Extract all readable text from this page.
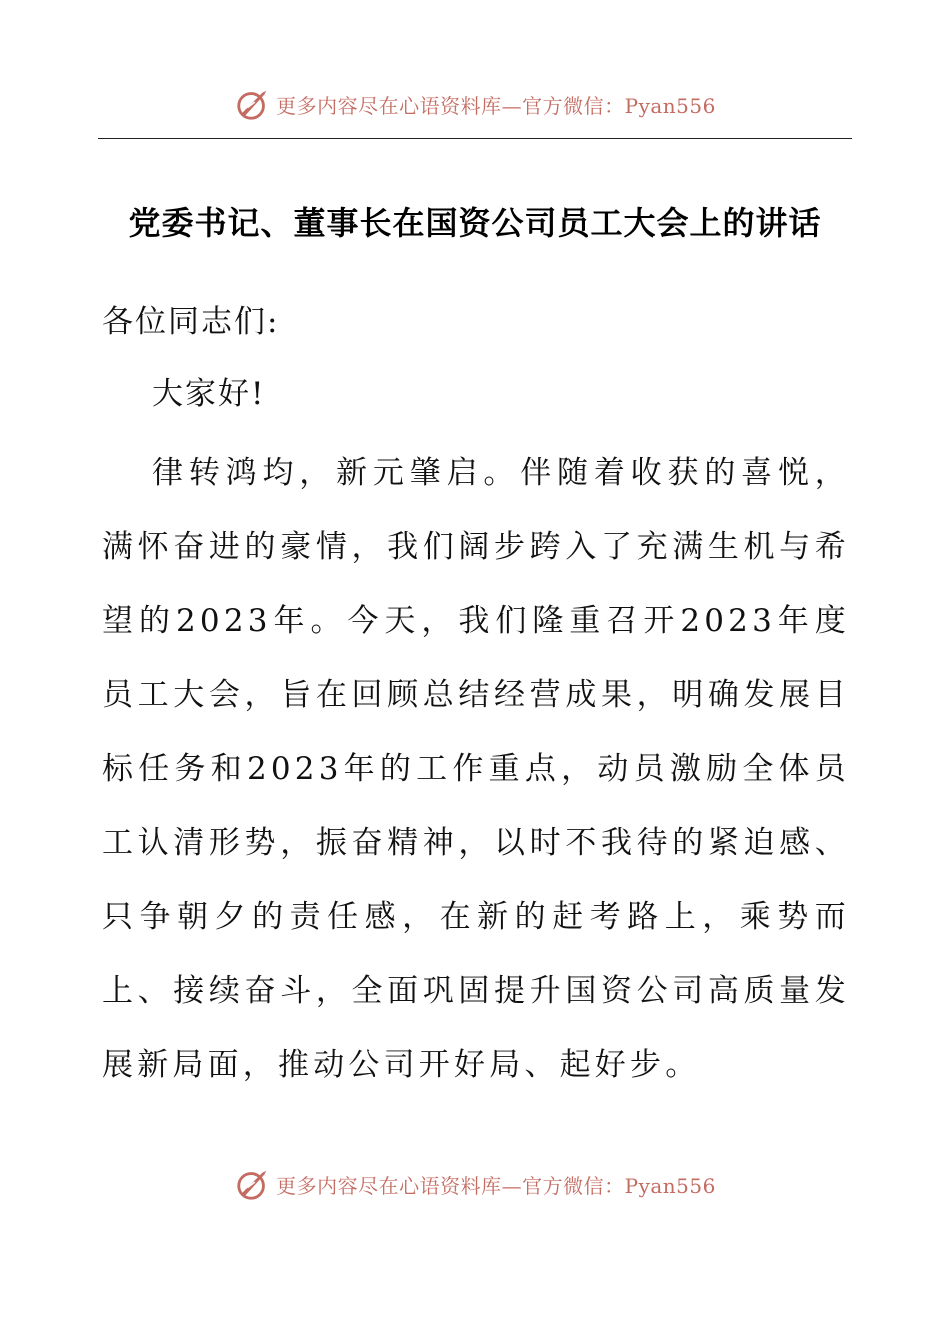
更多内容尽在心语资料库—官方微信：Pyan556
党委书记、董事长在国资公司员工大会上的讲话
各位同志们:
大家好!

律转鸿均，新元肇启。伴随着收获的喜悦，满怀奋进的豪情，我们阔步跨入了充满生机与希望的2023年。今天，我们隆重召开2023年度员工大会，旨在回顾总结经营成果，明确发展目标任务和2023年的工作重点，动员激励全体员工认清形势，振奋精神，以时不我待的紧迫感、只争朝夕的责任感，在新的赶考路上，乘势而上、接续奋斗，全面巩固提升国资公司高质量发展新局面，推动公司开好局、起好步。

更多内容尽在心语资料库—官方微信：Pyan556
